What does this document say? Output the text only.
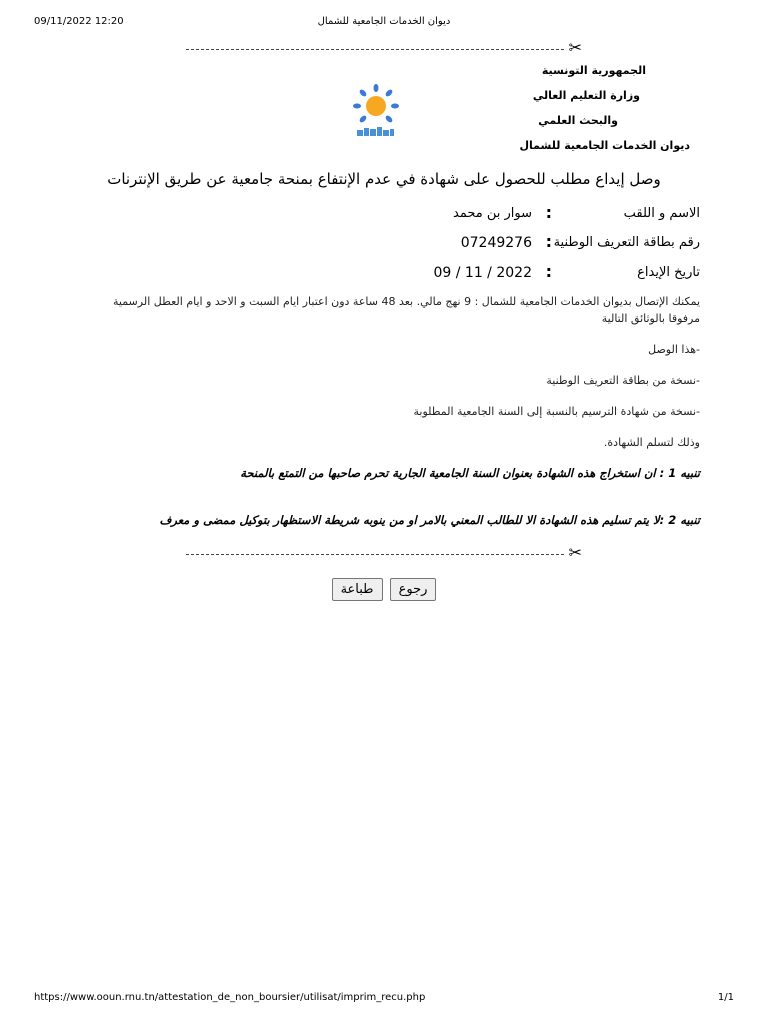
09/11/2022 12:20	ديوان الخدمات الجامعية للشمال
✂
الجمهورية التونسية
وزارة التعليم العالي
والبحث العلمي
ديوان الخدمات الجامعية للشمال
وصل إيداع مطلب للحصول على شهادة في عدم الإنتفاع بمنحة جامعية عن طريق الإنترنات
الاسم و اللقب
:
سوار بن محمد
رقم بطاقة التعريف الوطنية
:
07249276
تاريخ الإيداع
:
2022 / 11 / 09
يمكنك الإتصال بديوان الخدمات الجامعية للشمال : 9 نهج مالي. بعد 48 ساعة دون اعتبار ايام السبت و الاحد و ايام العطل الرسمية مرفوقا بالوثائق التالية
-هذا الوصل
-نسخة من بطاقة التعريف الوطنية
-نسخة من شهادة الترسيم بالنسبة إلى السنة الجامعية المطلوبة
وذلك لتسلم الشهادة.
تنبيه 1 : ان استخراج هذه الشهادة بعنوان السنة الجامعية الجارية تحرم صاحبها من التمتع بالمنحة
تنبيه 2 :لا يتم تسليم هذه الشهادة الا للطالب المعني بالامر او من ينوبه شريطة الاستظهار بتوكيل ممضى و معرف
✂
رجوع طباعة
https://www.ooun.rnu.tn/attestation_de_non_boursier/utilisat/imprim_recu.php	1/1
